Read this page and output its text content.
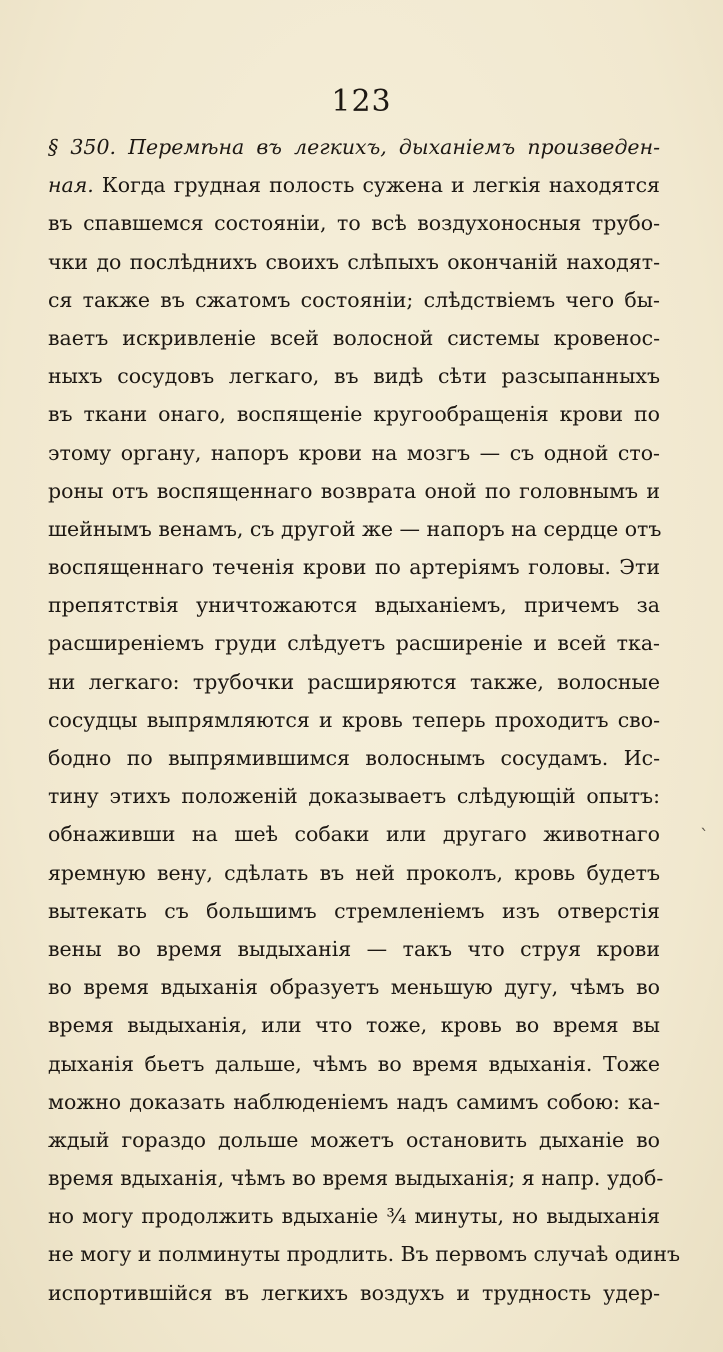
123
§ 350. Перемѣна въ легкихъ, дыханіемъ произведен-
ная. Когда грудная полость сужена и легкія находятся
въ спавшемся состояніи, то всѣ воздухоносныя трубо-
чки до послѣднихъ своихъ слѣпыхъ окончаній находят-
ся также въ сжатомъ состояніи; слѣдствіемъ чего бы-
ваетъ искривленіе всей волосной системы кровенос-
ныхъ сосудовъ легкаго, въ видѣ сѣти разсыпанныхъ
въ ткани онаго, воспященіе кругообращенія крови по
этому органу, напоръ крови на мозгъ — съ одной сто-
роны отъ воспященнаго возврата оной по головнымъ и
шейнымъ венамъ, съ другой же — напоръ на сердце отъ
воспященнаго теченія крови по артеріямъ головы. Эти
препятствія уничтожаются вдыханіемъ, причемъ за
расширеніемъ груди слѣдуетъ расширеніе и всей тка-
ни легкаго: трубочки расширяются также, волосные
сосудцы выпрямляются и кровь теперь проходитъ сво-
бодно по выпрямившимся волоснымъ сосудамъ. Ис-
тину этихъ положеній доказываетъ слѣдующій опытъ:
обнаживши на шеѣ собаки или другаго животнаго
яремную вену, сдѣлать въ ней проколъ, кровь будетъ
вытекать съ большимъ стремленіемъ изъ отверстія
вены во время выдыханія — такъ что струя крови
во время вдыханія образуетъ меньшую дугу, чѣмъ во
время выдыханія, или что тоже, кровь во время вы
дыханія бьетъ дальше, чѣмъ во время вдыханія. Тоже
можно доказать наблюденіемъ надъ самимъ собою: ка-
ждый гораздо дольше можетъ остановить дыханіе во
время вдыханія, чѣмъ во время выдыханія; я напр. удоб-
но могу продолжить вдыханіе ¾ минуты, но выдыханія
не могу и полминуты продлить. Въ первомъ случаѣ одинъ
испортившійся въ легкихъ воздухъ и трудность удер-
ˋ
